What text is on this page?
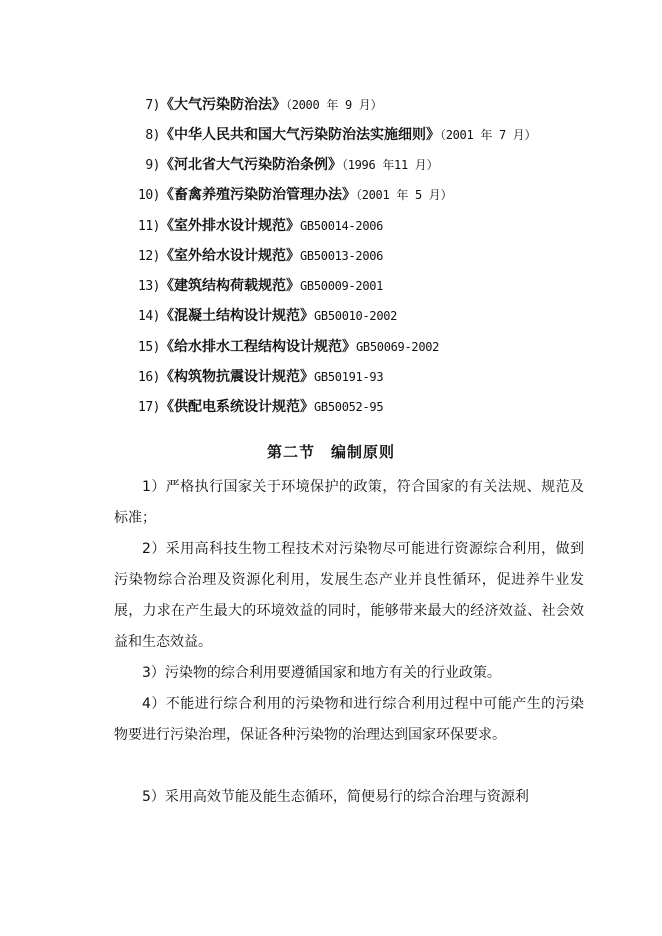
7)《大气污染防治法》（2000 年 9 月）
8)《中华人民共和国大气污染防治法实施细则》（2001 年 7 月）
9)《河北省大气污染防治条例》（1996 年11 月）
10)《畜禽养殖污染防治管理办法》（2001 年 5 月）
11)《室外排水设计规范》GB50014-2006
12)《室外给水设计规范》GB50013-2006
13)《建筑结构荷载规范》GB50009-2001
14)《混凝土结构设计规范》GB50010-2002
15)《给水排水工程结构设计规范》GB50069-2002
16)《构筑物抗震设计规范》GB50191-93
17)《供配电系统设计规范》GB50052-95
第二节　编制原则

1）严格执行国家关于环境保护的政策，符合国家的有关法规、规范及标准；

2）采用高科技生物工程技术对污染物尽可能进行资源综合利用，做到污染物综合治理及资源化利用，发展生态产业并良性循环，促进养牛业发展，力求在产生最大的环境效益的同时，能够带来最大的经济效益、社会效益和生态效益。

3）污染物的综合利用要遵循国家和地方有关的行业政策。

4）不能进行综合利用的污染物和进行综合利用过程中可能产生的污染物要进行污染治理，保证各种污染物的治理达到国家环保要求。

5）采用高效节能及能生态循环，简便易行的综合治理与资源利
